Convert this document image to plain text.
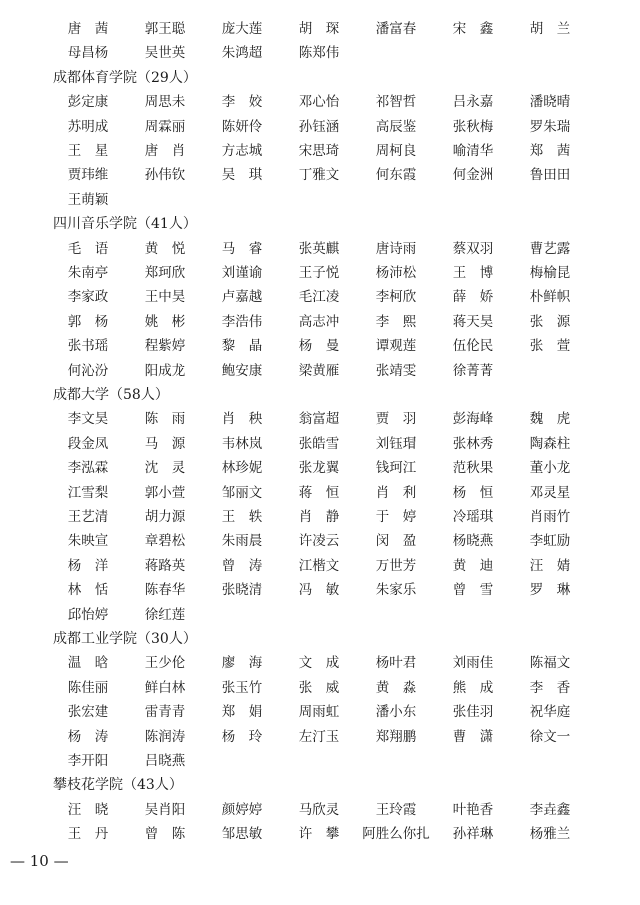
唐　茜	郭王聪	庞大莲	胡　琛	潘富春	宋　鑫	胡　兰
母昌杨	吴世英	朱鸿超	陈郑伟
成都体育学院（29人）
彭定康	周思未	李　姣	邓心怡	祁智哲	吕永嘉	潘晓晴
苏明成	周霖丽	陈妍伶	孙钰涵	高辰鉴	张秋梅	罗朱瑞
王　星	唐　肖	方志城	宋思琦	周柯良	喻清华	郑　茜
贾玮维	孙伟钦	吴　琪	丁雅文	何东霞	何金洲	鲁田田
王萌颖
四川音乐学院（41人）
毛　语	黄　悦	马　睿	张英麒	唐诗雨	蔡双羽	曹艺露
朱南亭	郑珂欣	刘谨谕	王子悦	杨沛松	王　博	梅榆昆
李家政	王中昊	卢嘉越	毛江凌	李柯欣	薛　娇	朴鲜帜
郭　杨	姚　彬	李浩伟	高志冲	李　熙	蒋天昊	张　源
张书瑶	程紫婷	黎　晶	杨　曼	谭观莲	伍伦民	张　萱
何沁汾	阳成龙	鲍安康	梁黄雁	张靖雯	徐菁菁
成都大学（58人）
李文昊	陈　雨	肖　秧	翁富超	贾　羽	彭海峰	魏　虎
段金凤	马　源	韦林岚	张皓雪	刘钰瑁	张林秀	陶森柱
李泓霖	沈　灵	林珍妮	张龙翼	钱珂江	范秋果	董小龙
江雪梨	郭小萱	邹丽文	蒋　恒	肖　利	杨　恒	邓灵星
王艺清	胡力源	王　轶	肖　静	于　婷	冷瑶琪	肖雨竹
朱映宣	章碧松	朱雨晨	许凌云	闵　盈	杨晓燕	李虹励
杨　洋	蒋路英	曾　涛	江楷文	万世芳	黄　迪	汪　婧
林　恬	陈春华	张晓清	冯　敏	朱家乐	曾　雪	罗　琳
邱怡婷	徐红莲
成都工业学院（30人）
温　晗	王少伦	廖　海	文　成	杨叶君	刘雨佳	陈福文
陈佳丽	鲜白林	张玉竹	张　威	黄　淼	熊　成	李　香
张宏建	雷青青	郑　娟	周雨虹	潘小东	张佳羽	祝华庭
杨　涛	陈润涛	杨　玲	左汀玉	郑翔鹏	曹　潇	徐文一
李开阳	吕晓燕
攀枝花学院（43人）
汪　晓	吴肖阳	颜婷婷	马欣灵	王玲霞	叶艳香	李垚鑫
王　丹	曾　陈	邹思敏	许　攀	阿胜么你扎	孙祥琳	杨雅兰
— 10 —
